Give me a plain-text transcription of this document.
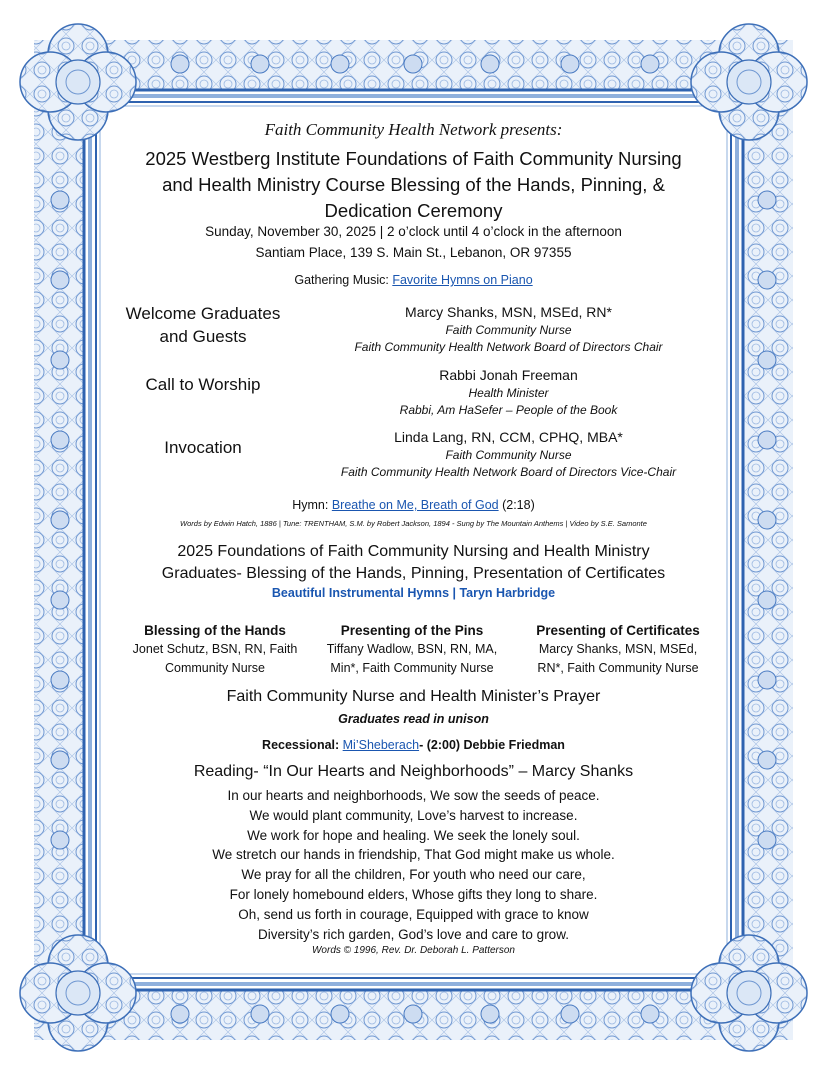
Faith Community Health Network presents:
2025 Westberg Institute Foundations of Faith Community Nursing
and Health Ministry Course Blessing of the Hands, Pinning, &
Dedication Ceremony
Sunday, November 30, 2025 | 2 o’clock until 4 o’clock in the afternoon
Santiam Place, 139 S. Main St., Lebanon, OR 97355
Gathering Music: Favorite Hymns on Piano
Welcome Graduates
and Guests
Marcy Shanks, MSN, MSEd, RN*
Faith Community Nurse
Faith Community Health Network Board of Directors Chair
Call to Worship	Rabbi Jonah Freeman
Health Minister
Rabbi, Am HaSefer – People of the Book
Invocation
Linda Lang, RN, CCM, CPHQ, MBA*
Faith Community Nurse
Faith Community Health Network Board of Directors Vice-Chair
Hymn: Breathe on Me, Breath of God (2:18)
Words by Edwin Hatch, 1886 | Tune: TRENTHAM, S.M. by Robert Jackson, 1894 - Sung by The Mountain Anthems | Video by S.E. Samonte
2025 Foundations of Faith Community Nursing and Health Ministry
Graduates- Blessing of the Hands, Pinning, Presentation of Certificates
Beautiful Instrumental Hymns | Taryn Harbridge
Blessing of the Hands
Jonet Schutz, BSN, RN, Faith
Community Nurse
Presenting of the Pins
Tiffany Wadlow, BSN, RN, MA,
Min*, Faith Community Nurse
Presenting of Certificates
Marcy Shanks, MSN, MSEd,
RN*, Faith Community Nurse
Faith Community Nurse and Health Minister’s Prayer
Graduates read in unison
Recessional: Mi’Sheberach- (2:00) Debbie Friedman
Reading- “In Our Hearts and Neighborhoods” – Marcy Shanks
In our hearts and neighborhoods, We sow the seeds of peace.
We would plant community, Love’s harvest to increase.
We work for hope and healing. We seek the lonely soul.
We stretch our hands in friendship, That God might make us whole.
We pray for all the children, For youth who need our care,
For lonely homebound elders, Whose gifts they long to share.
Oh, send us forth in courage, Equipped with grace to know
Diversity’s rich garden, God’s love and care to grow.
Words © 1996, Rev. Dr. Deborah L. Patterson
